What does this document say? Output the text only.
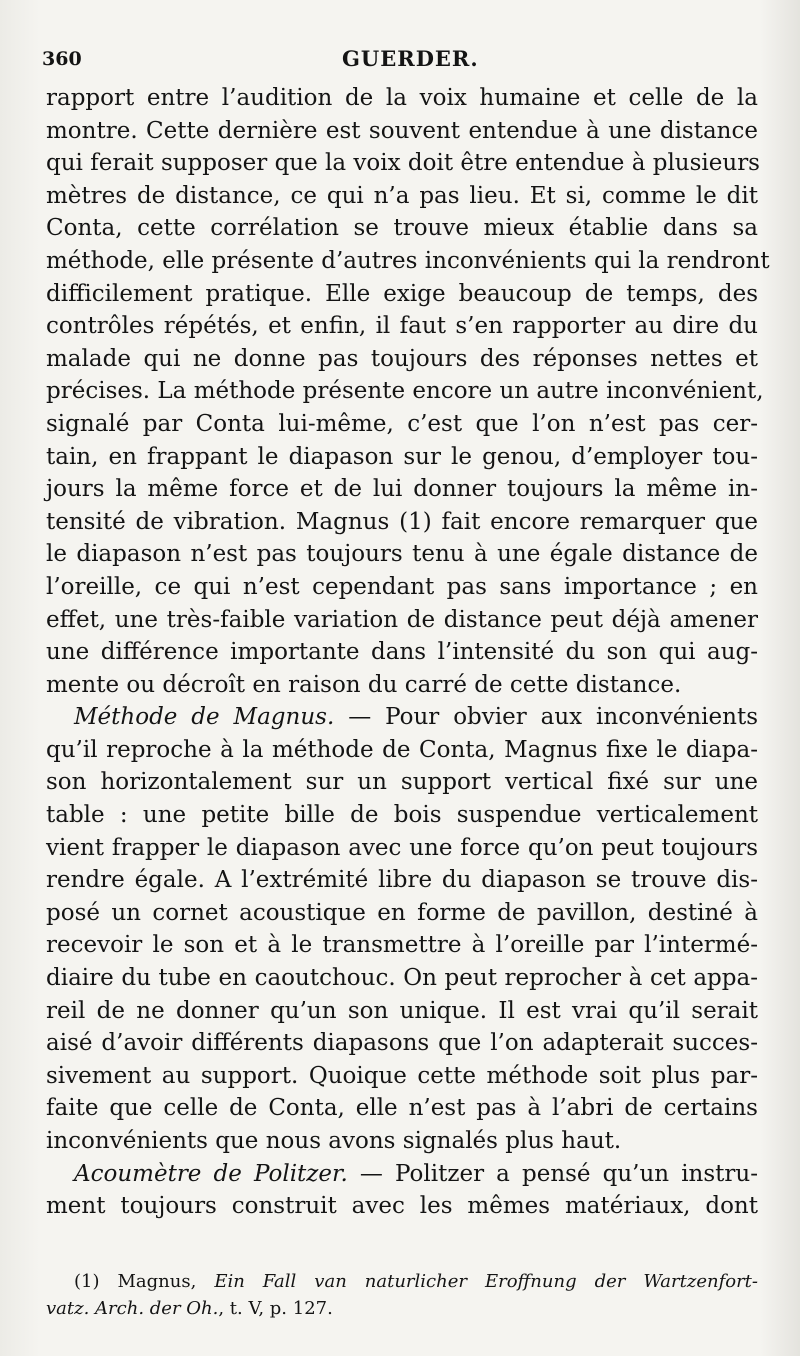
360	GUERDER.
rapport entre l’audition de la voix humaine et celle de la
montre. Cette dernière est souvent entendue à une distance
qui ferait supposer que la voix doit être entendue à plusieurs
mètres de distance, ce qui n’a pas lieu. Et si, comme le dit
Conta, cette corrélation se trouve mieux établie dans sa
méthode, elle présente d’autres inconvénients qui la rendront
difficilement pratique. Elle exige beaucoup de temps, des
contrôles répétés, et enfin, il faut s’en rapporter au dire du
malade qui ne donne pas toujours des réponses nettes et
précises. La méthode présente encore un autre inconvénient,
signalé par Conta lui-même, c’est que l’on n’est pas cer-
tain, en frappant le diapason sur le genou, d’employer tou-
jours la même force et de lui donner toujours la même in-
tensité de vibration. Magnus (1) fait encore remarquer que
le diapason n’est pas toujours tenu à une égale distance de
l’oreille, ce qui n’est cependant pas sans importance ; en
effet, une très-faible variation de distance peut déjà amener
une différence importante dans l’intensité du son qui aug-
mente ou décroît en raison du carré de cette distance.
Méthode de Magnus. — Pour obvier aux inconvénients
qu’il reproche à la méthode de Conta, Magnus fixe le diapa-
son horizontalement sur un support vertical fixé sur une
table : une petite bille de bois suspendue verticalement
vient frapper le diapason avec une force qu’on peut toujours
rendre égale. A l’extrémité libre du diapason se trouve dis-
posé un cornet acoustique en forme de pavillon, destiné à
recevoir le son et à le transmettre à l’oreille par l’intermé-
diaire du tube en caoutchouc. On peut reprocher à cet appa-
reil de ne donner qu’un son unique. Il est vrai qu’il serait
aisé d’avoir différents diapasons que l’on adapterait succes-
sivement au support. Quoique cette méthode soit plus par-
faite que celle de Conta, elle n’est pas à l’abri de certains
inconvénients que nous avons signalés plus haut.
Acoumètre de Politzer. — Politzer a pensé qu’un instru-
ment toujours construit avec les mêmes matériaux, dont
(1) Magnus, Ein Fall van naturlicher Eroffnung der Wartzenfort-
vatz. Arch. der Oh., t. V, p. 127.
